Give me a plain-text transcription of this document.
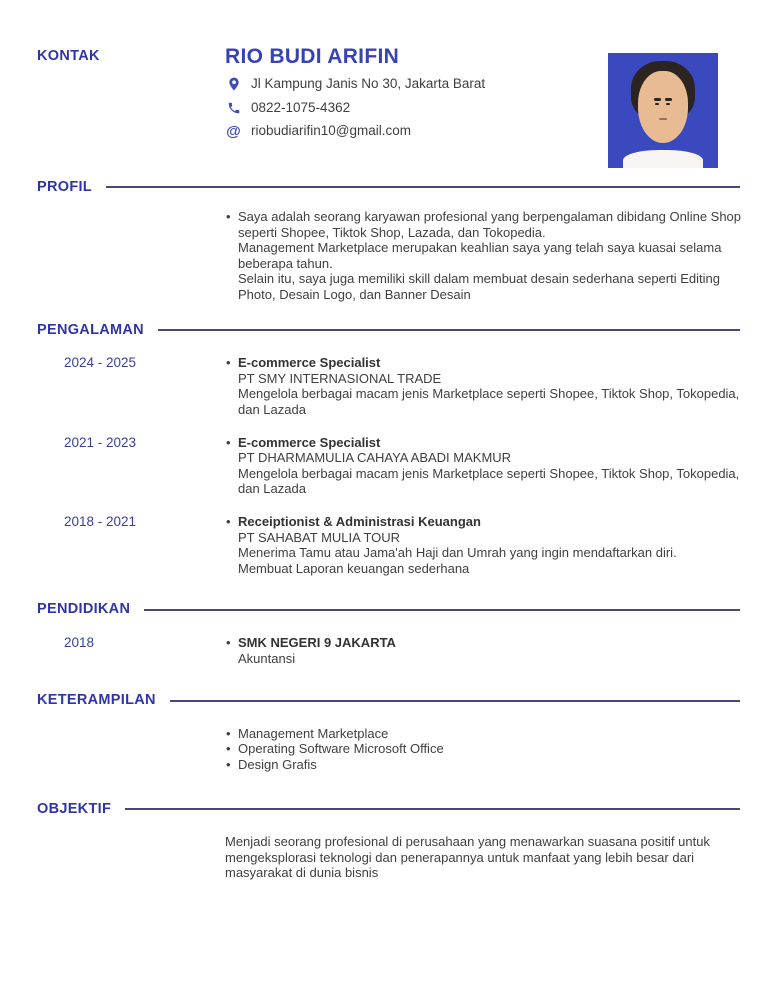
KONTAK	RIO BUDI ARIFIN
Jl Kampung Janis No 30, Jakarta Barat
0822-1075-4362
@ riobudiarifin10@gmail.com
PROFIL
• Saya adalah seorang karyawan profesional yang berpengalaman dibidang Online Shop seperti Shopee, Tiktok Shop, Lazada, dan Tokopedia.
Management Marketplace merupakan keahlian saya yang telah saya kuasai selama beberapa tahun.
Selain itu, saya juga memiliki skill dalam membuat desain sederhana seperti Editing Photo, Desain Logo, dan Banner Desain
PENGALAMAN
2024 - 2025	• E-commerce Specialist
PT SMY INTERNASIONAL TRADE
Mengelola berbagai macam jenis Marketplace seperti Shopee, Tiktok Shop, Tokopedia, dan Lazada
2021 - 2023	• E-commerce Specialist
PT DHARMAMULIA CAHAYA ABADI MAKMUR
Mengelola berbagai macam jenis Marketplace seperti Shopee, Tiktok Shop, Tokopedia, dan Lazada
2018 - 2021	• Receiptionist & Administrasi Keuangan
PT SAHABAT MULIA TOUR
Menerima Tamu atau Jama'ah Haji dan Umrah yang ingin mendaftarkan diri.
Membuat Laporan keuangan sederhana
PENDIDIKAN
2018	• SMK NEGERI 9 JAKARTA
Akuntansi
KETERAMPILAN
• Management Marketplace
• Operating Software Microsoft Office
• Design Grafis
OBJEKTIF
Menjadi seorang profesional di perusahaan yang menawarkan suasana positif untuk mengeksplorasi teknologi dan penerapannya untuk manfaat yang lebih besar dari masyarakat di dunia bisnis
